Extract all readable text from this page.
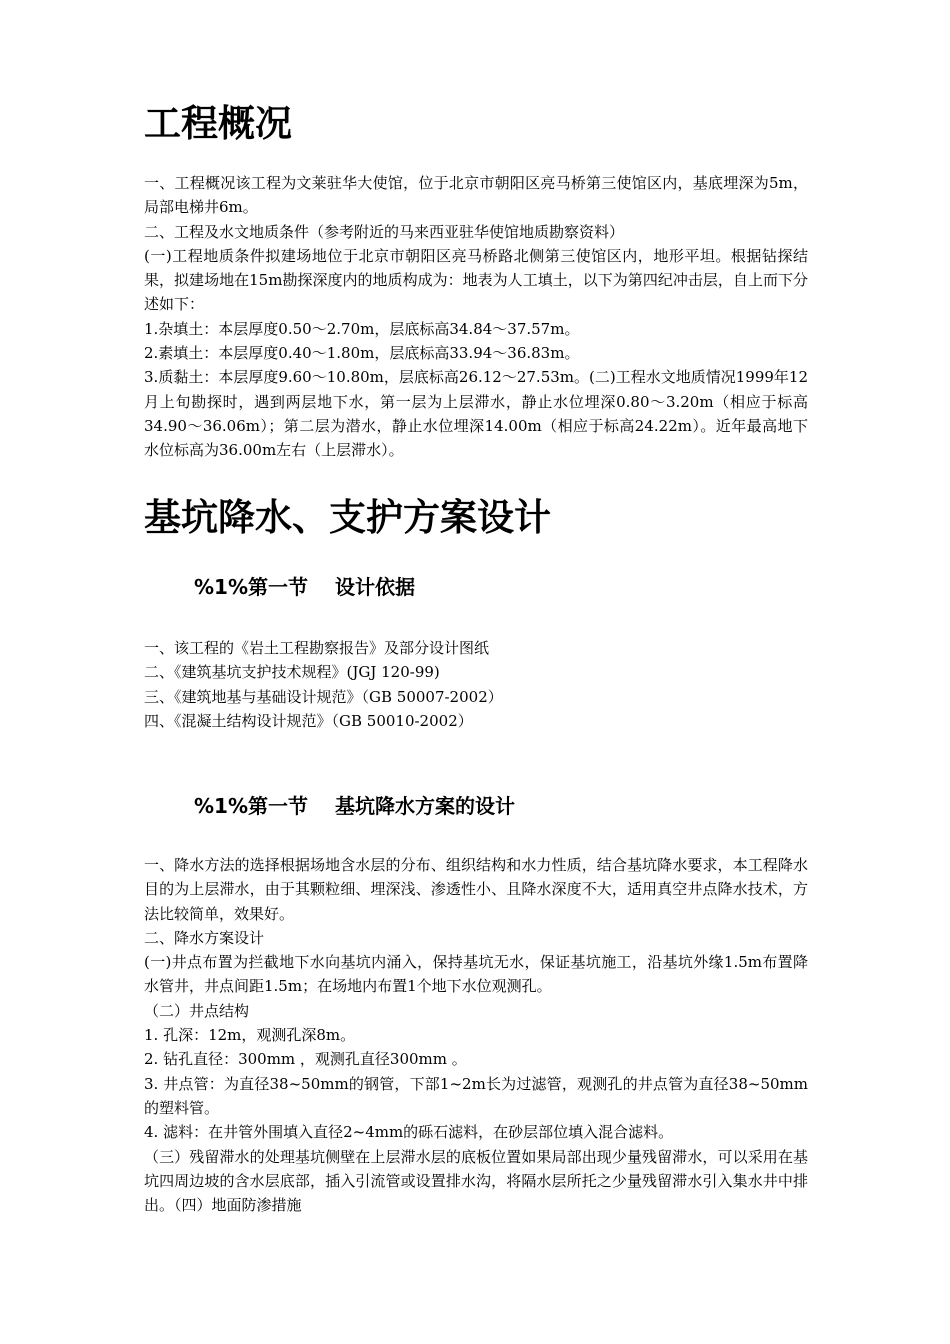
工程概况

一、工程概况该工程为文莱驻华大使馆，位于北京市朝阳区亮马桥第三使馆区内，基底埋深为5m，局部电梯井6m。

二、工程及水文地质条件（参考附近的马来西亚驻华使馆地质勘察资料）

(一)工程地质条件拟建场地位于北京市朝阳区亮马桥路北侧第三使馆区内，地形平坦。根据钻探结果，拟建场地在15m勘探深度内的地质构成为：地表为人工填土，以下为第四纪冲击层，自上而下分述如下：

1.杂填土：本层厚度0.50～2.70m，层底标高34.84～37.57m。

2.素填土：本层厚度0.40～1.80m，层底标高33.94～36.83m。

3.质黏土：本层厚度9.60～10.80m，层底标高26.12～27.53m。(二)工程水文地质情况1999年12月上旬勘探时，遇到两层地下水，第一层为上层滞水，静止水位埋深0.80～3.20m（相应于标高34.90～36.06m）；第二层为潜水，静止水位埋深14.00m（相应于标高24.22m）。近年最高地下水位标高为36.00m左右（上层滞水）。

基坑降水、支护方案设计
%1%第一节　 设计依据

一、该工程的《岩土工程勘察报告》及部分设计图纸

二、《建筑基坑支护技术规程》(JGJ 120-99)

三、《建筑地基与基础设计规范》（GB 50007-2002）

四、《混凝土结构设计规范》（GB 50010-2002）

%1%第一节　 基坑降水方案的设计

一、降水方法的选择根据场地含水层的分布、组织结构和水力性质，结合基坑降水要求，本工程降水目的为上层滞水，由于其颗粒细、埋深浅、渗透性小、且降水深度不大，适用真空井点降水技术，方法比较简单，效果好。

二、降水方案设计

(一)井点布置为拦截地下水向基坑内涌入，保持基坑无水，保证基坑施工，沿基坑外缘1.5m布置降水管井，井点间距1.5m；在场地内布置1个地下水位观测孔。

（二）井点结构

1. 孔深：12m，观测孔深8m。

2. 钻孔直径：300mm ，观测孔直径300mm 。

3. 井点管：为直径38~50mm的钢管，下部1~2m长为过滤管，观测孔的井点管为直径38~50mm的塑料管。

4. 滤料：在井管外围填入直径2~4mm的砾石滤料，在砂层部位填入混合滤料。

（三）残留滞水的处理基坑侧壁在上层滞水层的底板位置如果局部出现少量残留滞水，可以采用在基坑四周边坡的含水层底部，插入引流管或设置排水沟，将隔水层所托之少量残留滞水引入集水井中排出。（四）地面防渗措施
